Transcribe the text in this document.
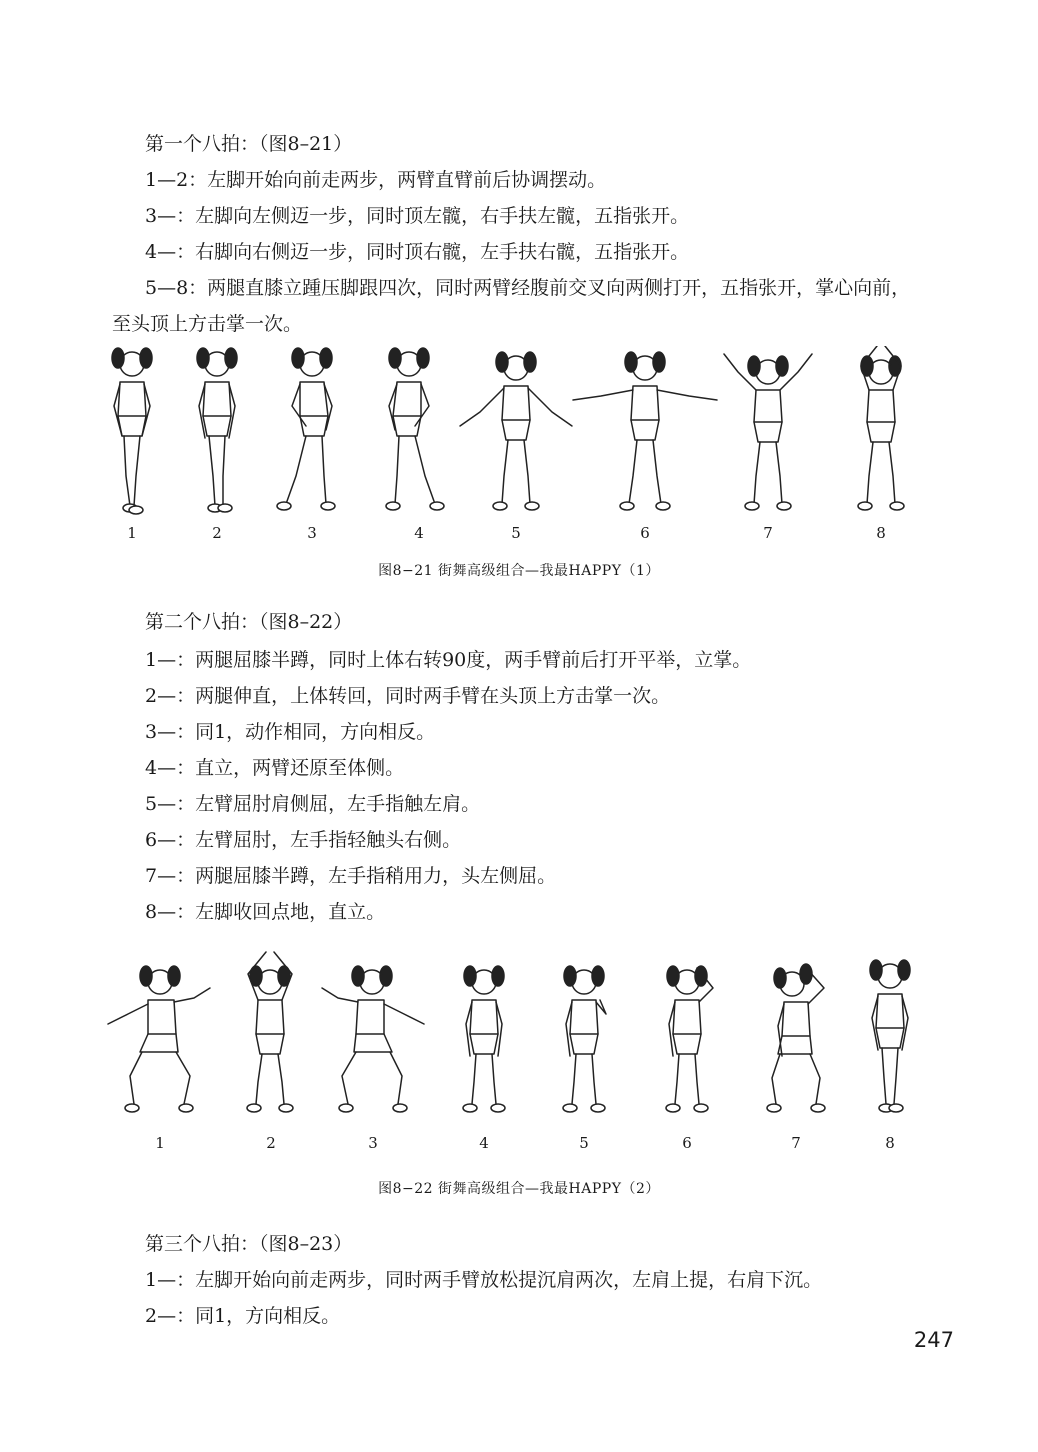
第一个八拍：（图8–21）
1—2：左脚开始向前走两步，两臂直臂前后协调摆动。
3—：左脚向左侧迈一步，同时顶左髋，右手扶左髋，五指张开。
4—：右脚向右侧迈一步，同时顶右髋，左手扶右髋，五指张开。
5—8：两腿直膝立踵压脚跟四次，同时两臂经腹前交叉向两侧打开，五指张开，掌心向前，至头顶上方击掌一次。
1	2	3	4	5	6	7	8
图8−21 街舞高级组合—我最HAPPY（1）
第二个八拍：（图8–22）
1—：两腿屈膝半蹲，同时上体右转90度，两手臂前后打开平举，立掌。
2—：两腿伸直，上体转回，同时两手臂在头顶上方击掌一次。
3—：同1，动作相同，方向相反。
4—：直立，两臂还原至体侧。
5—：左臂屈肘肩侧屈，左手指触左肩。
6—：左臂屈肘，左手指轻触头右侧。
7—：两腿屈膝半蹲，左手指稍用力，头左侧屈。
8—：左脚收回点地，直立。
1	2	3	4	5	6	7	8
图8−22 街舞高级组合—我最HAPPY（2）
第三个八拍：（图8–23）
1—：左脚开始向前走两步，同时两手臂放松提沉肩两次，左肩上提，右肩下沉。
2—：同1，方向相反。
247
